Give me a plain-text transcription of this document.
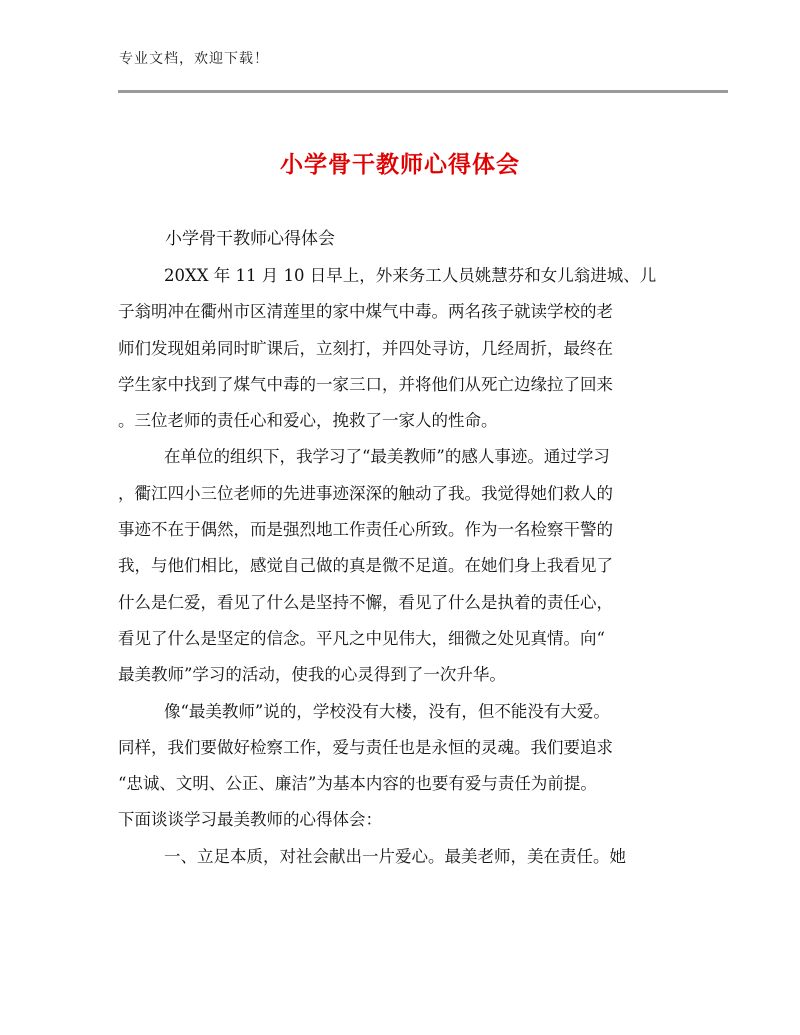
专业文档，欢迎下载！
小学骨干教师心得体会
小学骨干教师心得体会
20XX 年 11 月 10 日早上，外来务工人员姚慧芬和女儿翁进城、儿
子翁明冲在衢州市区清莲里的家中煤气中毒。两名孩子就读学校的老
师们发现姐弟同时旷课后，立刻打，并四处寻访，几经周折，最终在
学生家中找到了煤气中毒的一家三口，并将他们从死亡边缘拉了回来
。三位老师的责任心和爱心，挽救了一家人的性命。
在单位的组织下，我学习了“最美教师”的感人事迹。通过学习
，衢江四小三位老师的先进事迹深深的触动了我。我觉得她们救人的
事迹不在于偶然，而是强烈地工作责任心所致。作为一名检察干警的
我，与他们相比，感觉自己做的真是微不足道。在她们身上我看见了
什么是仁爱，看见了什么是坚持不懈，看见了什么是执着的责任心，
看见了什么是坚定的信念。平凡之中见伟大，细微之处见真情。向“
最美教师”学习的活动，使我的心灵得到了一次升华。
像“最美教师”说的，学校没有大楼，没有，但不能没有大爱。
同样，我们要做好检察工作，爱与责任也是永恒的灵魂。我们要追求
“忠诚、文明、公正、廉洁”为基本内容的也要有爱与责任为前提。
下面谈谈学习最美教师的心得体会：
一、立足本质，对社会献出一片爱心。最美老师，美在责任。她
